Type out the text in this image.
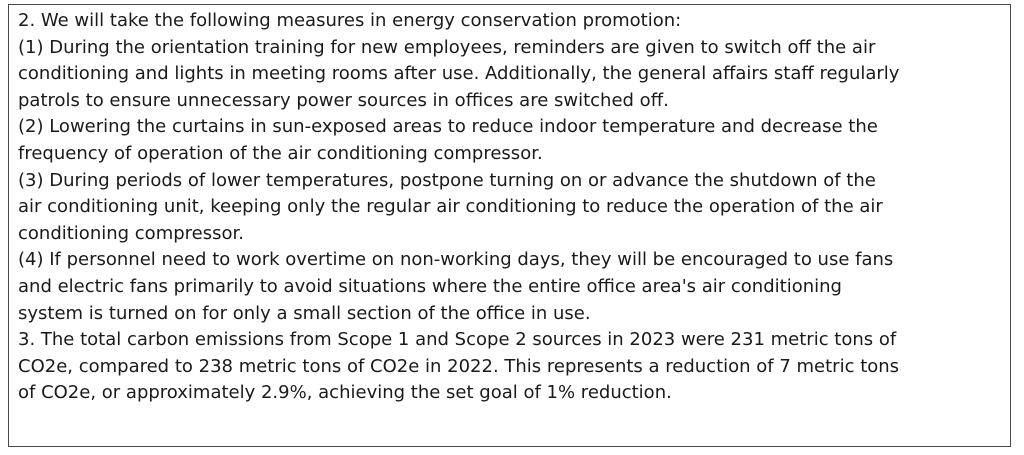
2. We will take the following measures in energy conservation promotion:

(1) During the orientation training for new employees, reminders are given to switch off the air

conditioning and lights in meeting rooms after use. Additionally, the general affairs staff regularly

patrols to ensure unnecessary power sources in offices are switched off.

(2) Lowering the curtains in sun-exposed areas to reduce indoor temperature and decrease the

frequency of operation of the air conditioning compressor.

(3) During periods of lower temperatures, postpone turning on or advance the shutdown of the

air conditioning unit, keeping only the regular air conditioning to reduce the operation of the air

conditioning compressor.

(4) If personnel need to work overtime on non-working days, they will be encouraged to use fans

and electric fans primarily to avoid situations where the entire office area's air conditioning

system is turned on for only a small section of the office in use.

3. The total carbon emissions from Scope 1 and Scope 2 sources in 2023 were 231 metric tons of

CO2e, compared to 238 metric tons of CO2e in 2022. This represents a reduction of 7 metric tons

of CO2e, or approximately 2.9%, achieving the set goal of 1% reduction.
